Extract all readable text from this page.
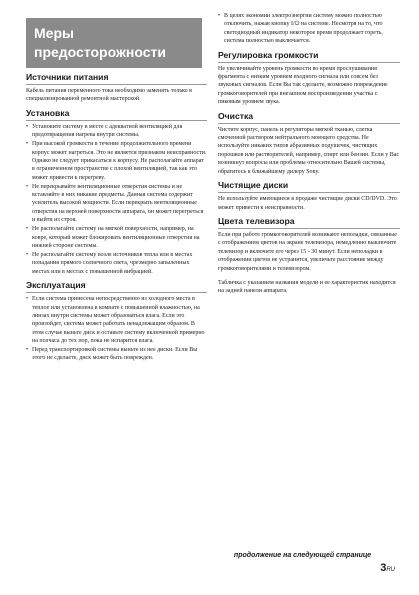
Меры
предосторожности
Источники питания

Кабель питания переменного тока необходимо заменять только в специализированной ремонтной мастерской.

Установка
• Установите систему в месте с адекватной вентиляцией для предотвращения нагрева внутри системы.
• При высокой громкости в течение продолжительного времени корпус может нагреться. Это не является признаком неисправности. Однако не следует прикасаться к корпусу. Не располагайте аппарат в ограниченном пространстве с плохой вентиляцией, так как это может привести к перегреву.
• Не перекрывайте вентиляционные отверстия системы и не вставляйте в них никакие предметы. Данная система содержит усилитель высокой мощности. Если перекрыть вентиляционные отверстия на верхней поверхности аппарата, он может перегреться и выйти из строя.
• Не располагайте систему на мягкой поверхности, например, на ковре, который может блокировать вентиляционные отверстия на нижней стороне системы.
• Не располагайте систему возле источников тепла или в местах попадания прямого солнечного света, чрезмерно запыленных местах или в местах с повышенной вибрацией.
Эксплуатация
• Если система принесена непосредственно из холодного места в теплое или установлена в комнате с повышенной влажностью, на линзах внутри системы может образоваться влага. Если это произойдет, система может работать ненадлежащим образом. В этом случае выньте диск и оставьте систему включенной примерно на полчаса до тех пор, пока не испарится влага.
• Перед транспортировкой системы выньте из нее диски. Если Вы этого не сделаете, диск может быть поврежден.
• В целях экономии электроэнергии систему можно полностью отключить, нажав кнопку I/⏻ на системе. Несмотря на то, что светодиодный индикатор некоторое время продолжает гореть, система полностью выключается.
Регулировка громкости

Не увеличивайте уровень громкости во время прослушивания фрагмента с низким уровнем входного сигнала или совсем без звуковых сигналов. Если Вы так сделаете, возможно повреждение громкоговорителей при внезапном воспроизведении участка с пиковым уровнем звука.

Очистка

Чистите корпус, панель и регуляторы мягкой тканью, слегка смоченной раствором нейтрального моющего средства. Не используйте никаких типов абразивных подушечек, чистящих порошков или растворителей, например, спирт или бензин. Если у Вас возникнут вопросы или проблемы относительно Вашей системы, обратитесь к ближайшему дилеру Sony.

Чистящие диски

Не используйте имеющиеся в продаже чистящие диски CD/DVD. Это может привести к неисправности.

Цвета телевизора

Если при работе громкоговорителей возникают неполадки, связанные с отображением цветов на экране телевизора, немедленно выключите телевизор и включите его через 15 - 30 минут. Если неполадки в отображении цветов не устранятся, увеличьте расстояние между громкоговорителями и телевизором.

Табличка с указанием названия модели и ее характеристик находится на задней панели аппарата.

продолжение на следующей странице
3RU
